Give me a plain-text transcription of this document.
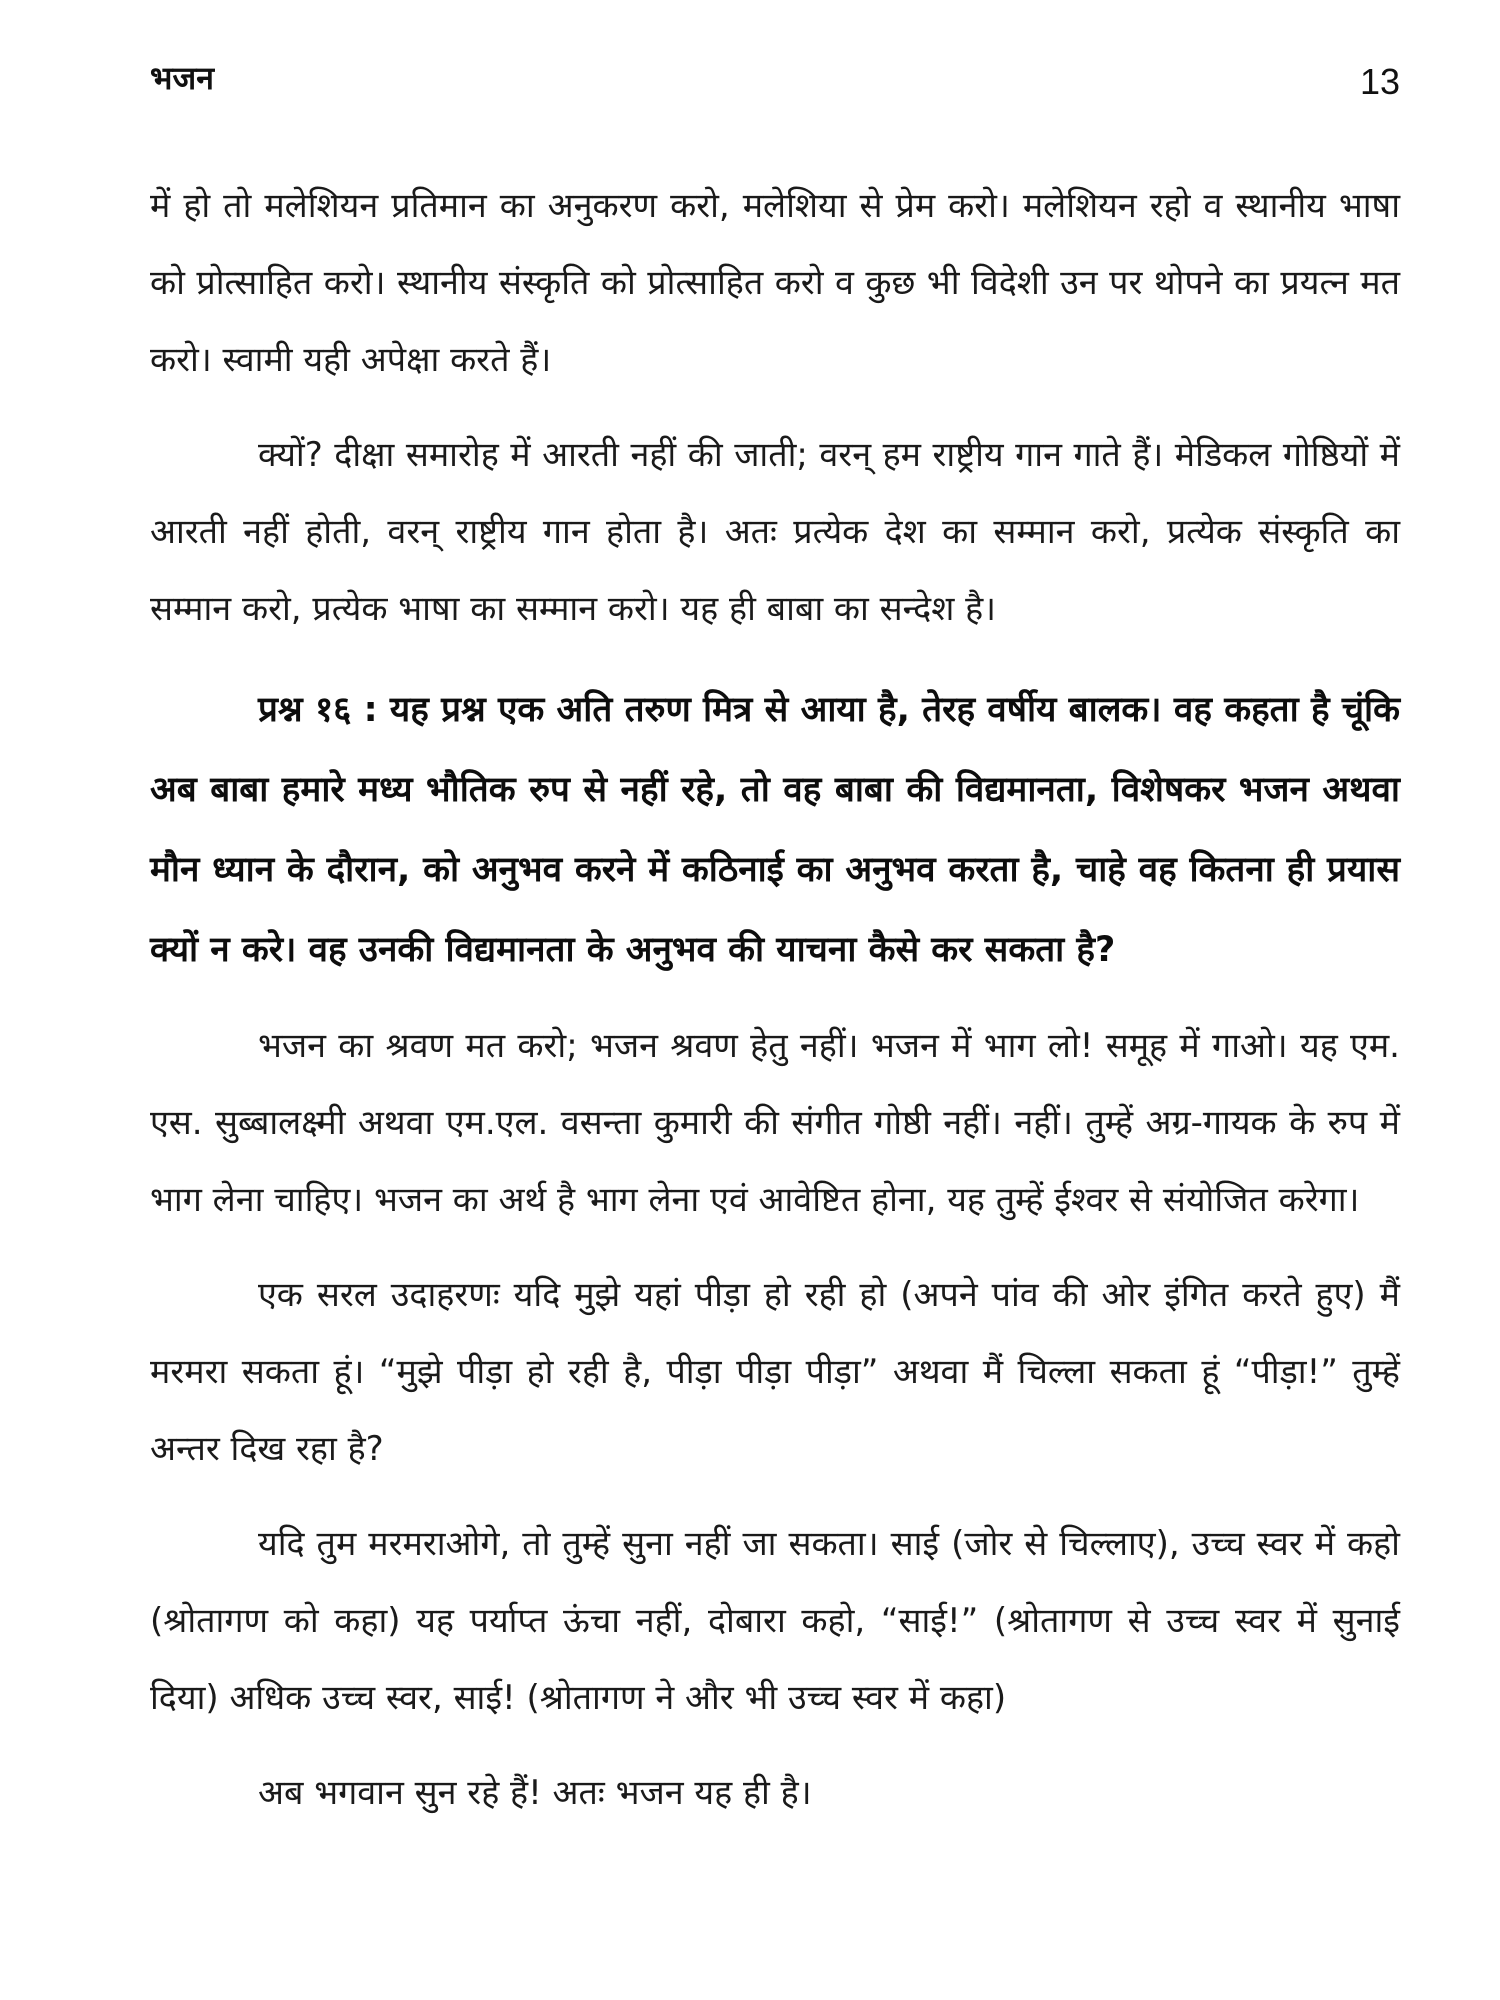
भजन	13

में हो तो मलेशियन प्रतिमान का अनुकरण करो, मलेशिया से प्रेम करो। मलेशियन रहो व स्थानीय भाषा को प्रोत्साहित करो। स्थानीय संस्कृति को प्रोत्साहित करो व कुछ भी विदेशी उन पर थोपने का प्रयत्न मत करो। स्वामी यही अपेक्षा करते हैं।

क्यों? दीक्षा समारोह में आरती नहीं की जाती; वरन् हम राष्ट्रीय गान गाते हैं। मेडिकल गोष्ठियों में आरती नहीं होती, वरन् राष्ट्रीय गान होता है। अतः प्रत्येक देश का सम्मान करो, प्रत्येक संस्कृति का सम्मान करो, प्रत्येक भाषा का सम्मान करो। यह ही बाबा का सन्देश है।

प्रश्न १६ : यह प्रश्न एक अति तरुण मित्र से आया है, तेरह वर्षीय बालक। वह कहता है चूंकि अब बाबा हमारे मध्य भौतिक रुप से नहीं रहे, तो वह बाबा की विद्यमानता, विशेषकर भजन अथवा मौन ध्यान के दौरान, को अनुभव करने में कठिनाई का अनुभव करता है, चाहे वह कितना ही प्रयास क्यों न करे। वह उनकी विद्यमानता के अनुभव की याचना कैसे कर सकता है?

भजन का श्रवण मत करो; भजन श्रवण हेतु नहीं। भजन में भाग लो! समूह में गाओ। यह एम. एस. सुब्बालक्ष्मी अथवा एम.एल. वसन्ता कुमारी की संगीत गोष्ठी नहीं। नहीं। तुम्हें अग्र-गायक के रुप में भाग लेना चाहिए। भजन का अर्थ है भाग लेना एवं आवेष्टित होना, यह तुम्हें ईश्वर से संयोजित करेगा।

एक सरल उदाहरणः यदि मुझे यहां पीड़ा हो रही हो (अपने पांव की ओर इंगित करते हुए) मैं मरमरा सकता हूं। “मुझे पीड़ा हो रही है, पीड़ा पीड़ा पीड़ा” अथवा मैं चिल्ला सकता हूं “पीड़ा!” तुम्हें अन्तर दिख रहा है?

यदि तुम मरमराओगे, तो तुम्हें सुना नहीं जा सकता। साई (जोर से चिल्लाए), उच्च स्वर में कहो (श्रोतागण को कहा) यह पर्याप्त ऊंचा नहीं, दोबारा कहो, “साई!” (श्रोतागण से उच्च स्वर में सुनाई दिया) अधिक उच्च स्वर, साई! (श्रोतागण ने और भी उच्च स्वर में कहा)

अब भगवान सुन रहे हैं! अतः भजन यह ही है।
